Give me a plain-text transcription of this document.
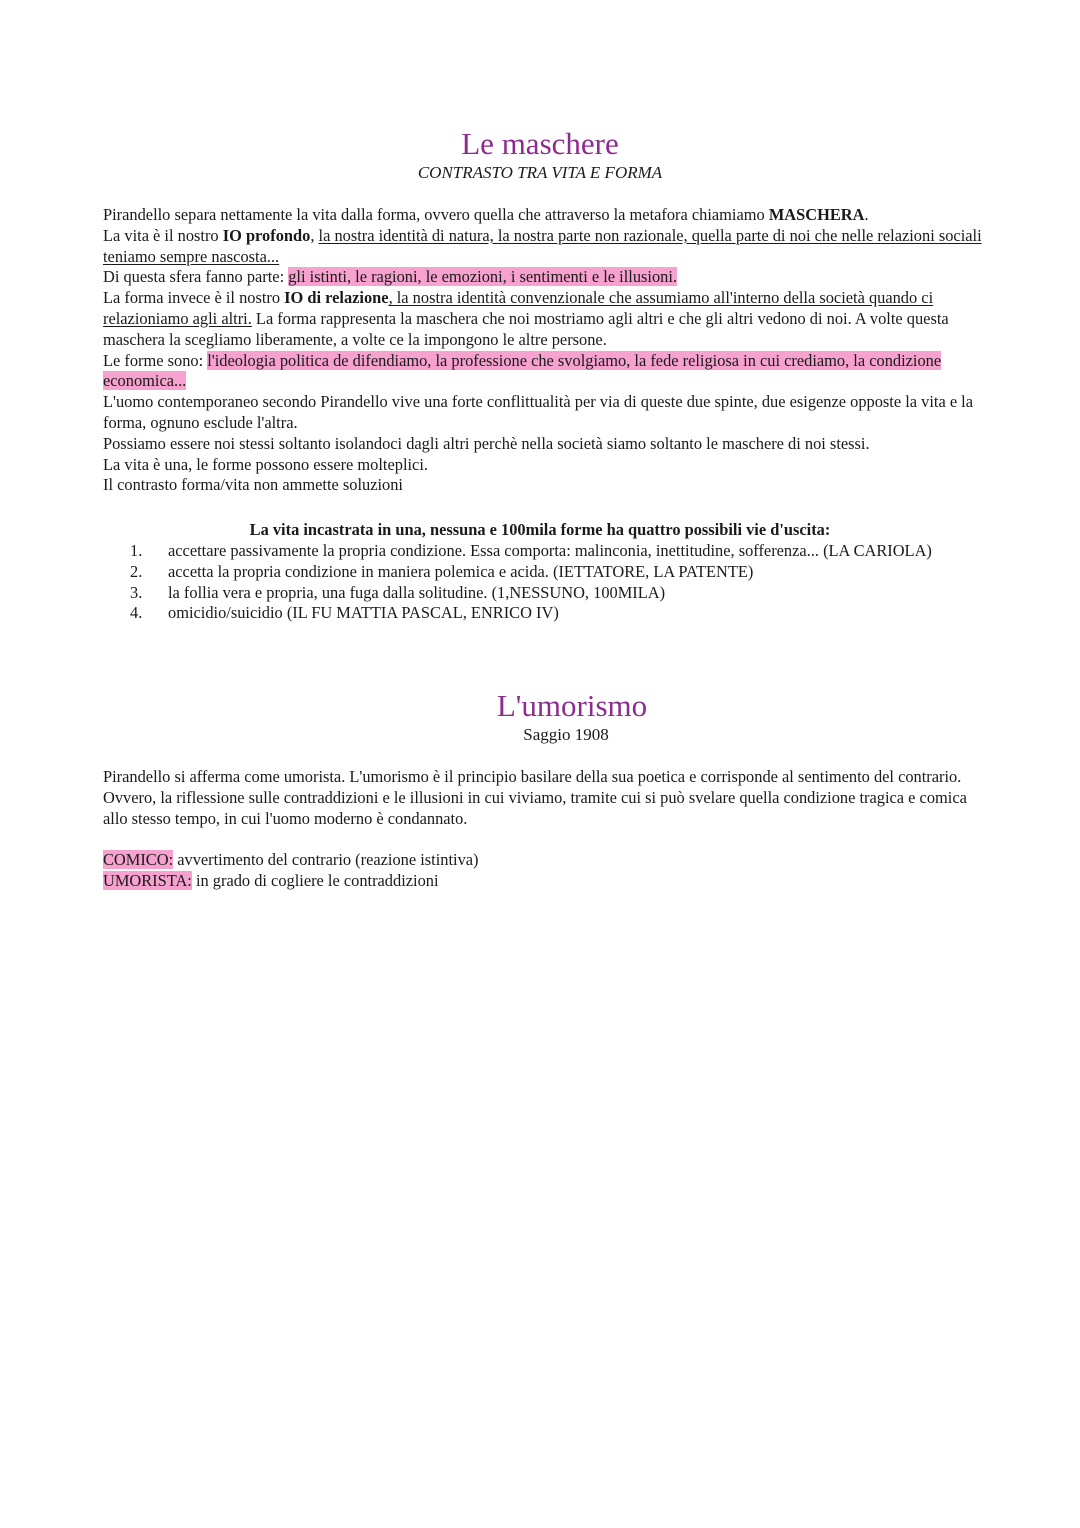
Le maschere
CONTRASTO TRA VITA E FORMA
Pirandello separa nettamente la vita dalla forma, ovvero quella che attraverso la metafora chiamiamo MASCHERA.
La vita è il nostro IO profondo, la nostra identità di natura, la nostra parte non razionale, quella parte di noi che nelle relazioni sociali teniamo sempre nascosta...
Di questa sfera fanno parte: gli istinti, le ragioni, le emozioni, i sentimenti e le illusioni.
La forma invece è il nostro IO di relazione, la nostra identità convenzionale che assumiamo all'interno della società quando ci relazioniamo agli altri. La forma rappresenta la maschera che noi mostriamo agli altri e che gli altri vedono di noi. A volte questa maschera la scegliamo liberamente, a volte ce la impongono le altre persone.
Le forme sono: l'ideologia politica de difendiamo, la professione che svolgiamo, la fede religiosa in cui crediamo, la condizione economica...
L'uomo contemporaneo secondo Pirandello vive una forte conflittualità per via di queste due spinte, due esigenze opposte la vita e la forma, ognuno esclude l'altra.
Possiamo essere noi stessi soltanto isolandoci dagli altri perchè nella società siamo soltanto le maschere di noi stessi.
La vita è una, le forme possono essere molteplici.
Il contrasto forma/vita non ammette soluzioni
La vita incastrata in una, nessuna e 100mila forme ha quattro possibili vie d'uscita:
1.	accettare passivamente la propria condizione. Essa comporta: malinconia, inettitudine, sofferenza... (LA CARIOLA)
2.	accetta la propria condizione in maniera polemica e acida. (IETTATORE, LA PATENTE)
3.	la follia vera e propria, una fuga dalla solitudine. (1,NESSUNO, 100MILA)
4.	omicidio/suicidio (IL FU MATTIA PASCAL, ENRICO IV)
L'umorismo
Saggio 1908
Pirandello si afferma come umorista. L'umorismo è il principio basilare della sua poetica e corrisponde al sentimento del contrario. Ovvero, la riflessione sulle contraddizioni e le illusioni in cui viviamo, tramite cui si può svelare quella condizione tragica e comica allo stesso tempo, in cui l'uomo moderno è condannato.
COMICO: avvertimento del contrario (reazione istintiva)
UMORISTA: in grado di cogliere le contraddizioni
